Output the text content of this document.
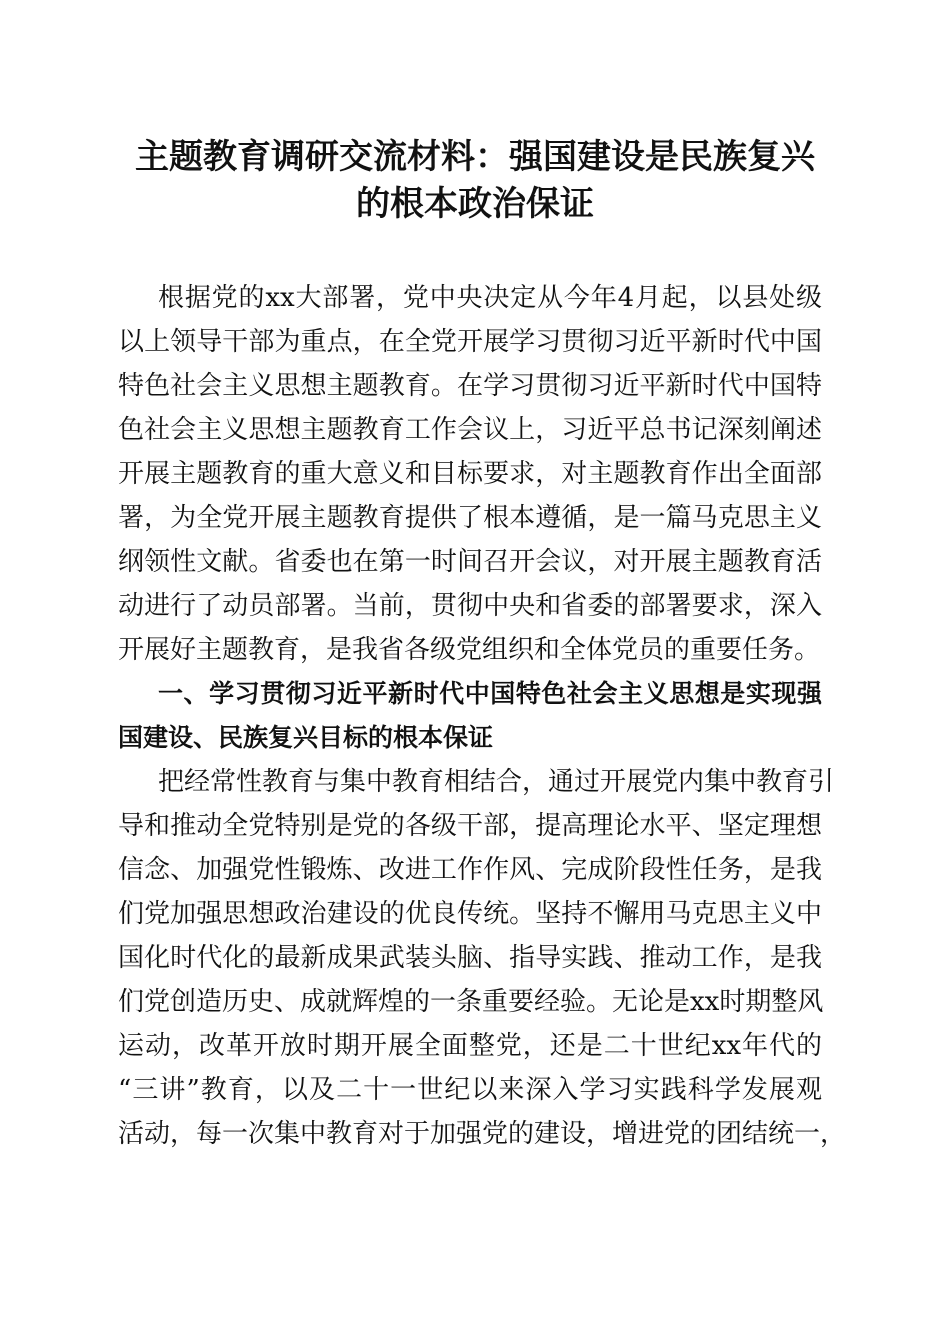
主题教育调研交流材料：强国建设是民族复兴
的根本政治保证
根据党的xx大部署，党中央决定从今年4月起，以县处级
以上领导干部为重点，在全党开展学习贯彻习近平新时代中国
特色社会主义思想主题教育。在学习贯彻习近平新时代中国特
色社会主义思想主题教育工作会议上，习近平总书记深刻阐述
开展主题教育的重大意义和目标要求，对主题教育作出全面部
署，为全党开展主题教育提供了根本遵循，是一篇马克思主义
纲领性文献。省委也在第一时间召开会议，对开展主题教育活
动进行了动员部署。当前，贯彻中央和省委的部署要求，深入
开展好主题教育，是我省各级党组织和全体党员的重要任务。
一、学习贯彻习近平新时代中国特色社会主义思想是实现强
国建设、民族复兴目标的根本保证
把经常性教育与集中教育相结合，通过开展党内集中教育引
导和推动全党特别是党的各级干部，提高理论水平、坚定理想
信念、加强党性锻炼、改进工作作风、完成阶段性任务，是我
们党加强思想政治建设的优良传统。坚持不懈用马克思主义中
国化时代化的最新成果武装头脑、指导实践、推动工作，是我
们党创造历史、成就辉煌的一条重要经验。无论是xx时期整风
运动，改革开放时期开展全面整党，还是二十世纪xx年代的
“三讲”教育，以及二十一世纪以来深入学习实践科学发展观
活动，每一次集中教育对于加强党的建设，增进党的团结统一，
